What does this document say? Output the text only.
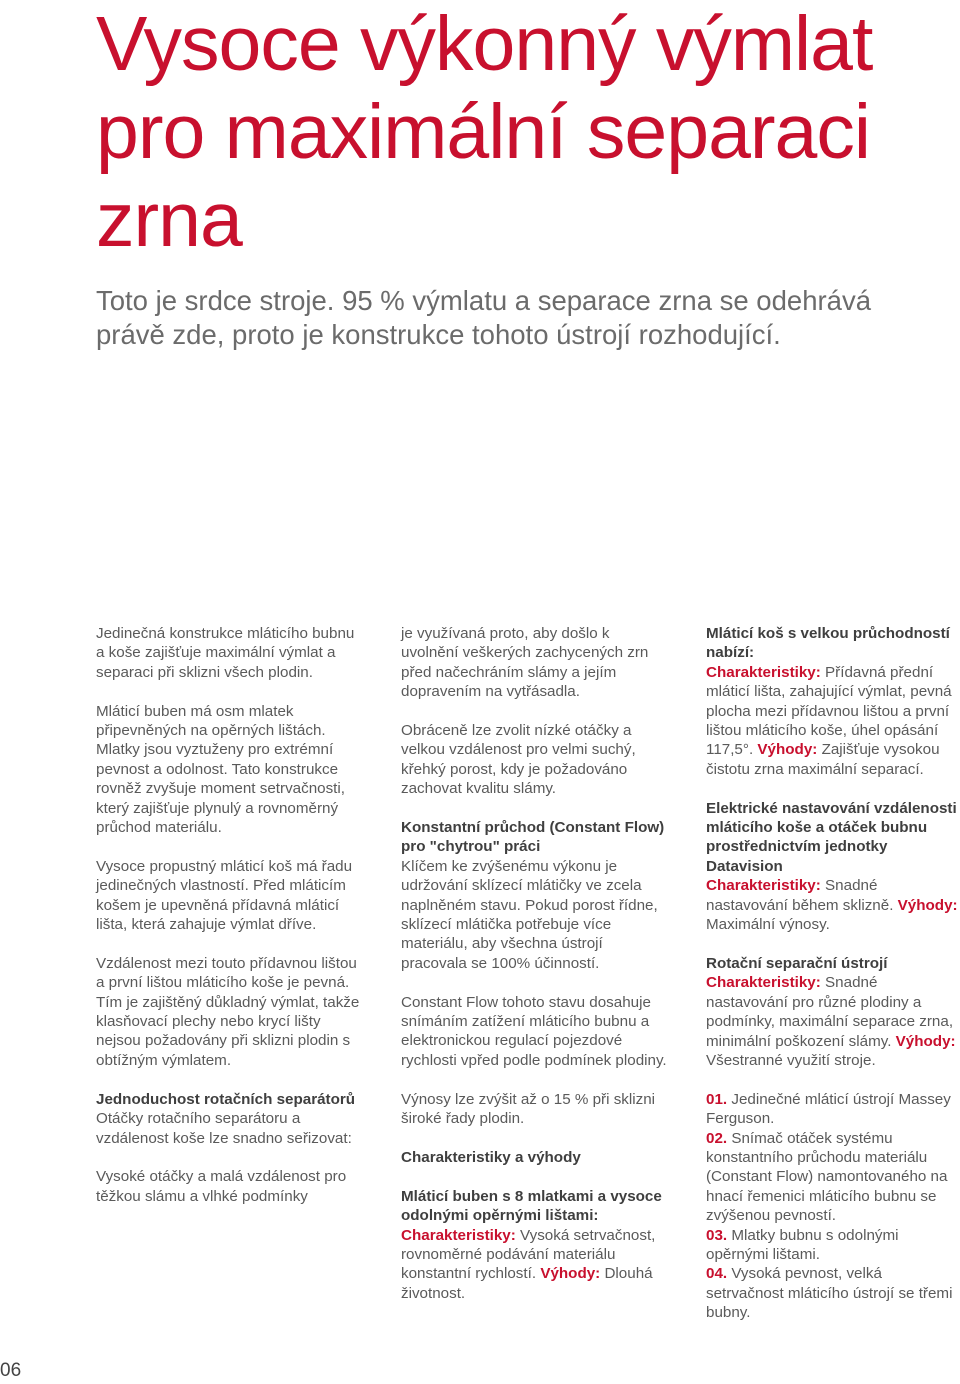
Vysoce výkonný výmlat pro maximální separaci zrna

Toto je srdce stroje. 95 % výmlatu a separace zrna se odehrává právě zde, proto je konstrukce tohoto ústrojí rozhodující.

Jedinečná konstrukce mláticího bubnu a koše zajišťuje maximální výmlat a separaci při sklizni všech plodin.

Mláticí buben má osm mlatek připevněných na opěrných lištách. Mlatky jsou vyztuženy pro extrémní pevnost a odolnost. Tato konstrukce rovněž zvyšuje moment setrvačnosti, který zajišťuje plynulý a rovnoměrný průchod materiálu.

Vysoce propustný mláticí koš má řadu jedinečných vlastností. Před mláticím košem je upevněná přídavná mláticí lišta, která zahajuje výmlat dříve.

Vzdálenost mezi touto přídavnou lištou a první lištou mláticího koše je pevná. Tím je zajištěný důkladný výmlat, takže klasňovací plechy nebo krycí lišty nejsou požadovány při sklizni plodin s obtížným výmlatem.

Jednoduchost rotačních separátorů
Otáčky rotačního separátoru a vzdálenost koše lze snadno seřizovat:

Vysoké otáčky a malá vzdálenost pro těžkou slámu a vlhké podmínky

je využívaná proto, aby došlo k uvolnění veškerých zachycených zrn před načechráním slámy a jejím dopravením na vytřásadla.

Obráceně lze zvolit nízké otáčky a velkou vzdálenost pro velmi suchý, křehký porost, kdy je požadováno zachovat kvalitu slámy.

Konstantní průchod (Constant Flow) pro "chytrou" práci
Klíčem ke zvýšenému výkonu je udržování sklízecí mlátičky ve zcela naplněném stavu. Pokud porost řídne, sklízecí mlátička potřebuje více materiálu, aby všechna ústrojí pracovala se 100% účinností.

Constant Flow tohoto stavu dosahuje snímáním zatížení mláticího bubnu a elektronickou regulací pojezdové rychlosti vpřed podle podmínek plodiny.

Výnosy lze zvýšit až o 15 % při sklizni široké řady plodin.

Charakteristiky a výhody

Mláticí buben s 8 mlatkami a vysoce odolnými opěrnými lištami:
Charakteristiky: Vysoká setrvačnost, rovnoměrné podávání materiálu konstantní rychlostí. Výhody: Dlouhá životnost.

Mláticí koš s velkou průchodností nabízí:
Charakteristiky: Přídavná přední mláticí lišta, zahajující výmlat, pevná plocha mezi přídavnou lištou a první lištou mláticího koše, úhel opásání 117,5°. Výhody: Zajišťuje vysokou čistotu zrna maximální separací.

Elektrické nastavování vzdálenosti mláticího koše a otáček bubnu prostřednictvím jednotky Datavision
Charakteristiky: Snadné nastavování během sklizně. Výhody: Maximální výnosy.

Rotační separační ústrojí
Charakteristiky: Snadné nastavování pro různé plodiny a podmínky, maximální separace zrna, minimální poškození slámy. Výhody: Všestranné využití stroje.

01. Jedinečné mláticí ústrojí Massey Ferguson.
02. Snímač otáček systému konstantního průchodu materiálu (Constant Flow) namontovaného na hnací řemenici mláticího bubnu se zvýšenou pevností.
03. Mlatky bubnu s odolnými opěrnými lištami.
04. Vysoká pevnost, velká setrvačnost mláticího ústrojí se třemi bubny.

06
